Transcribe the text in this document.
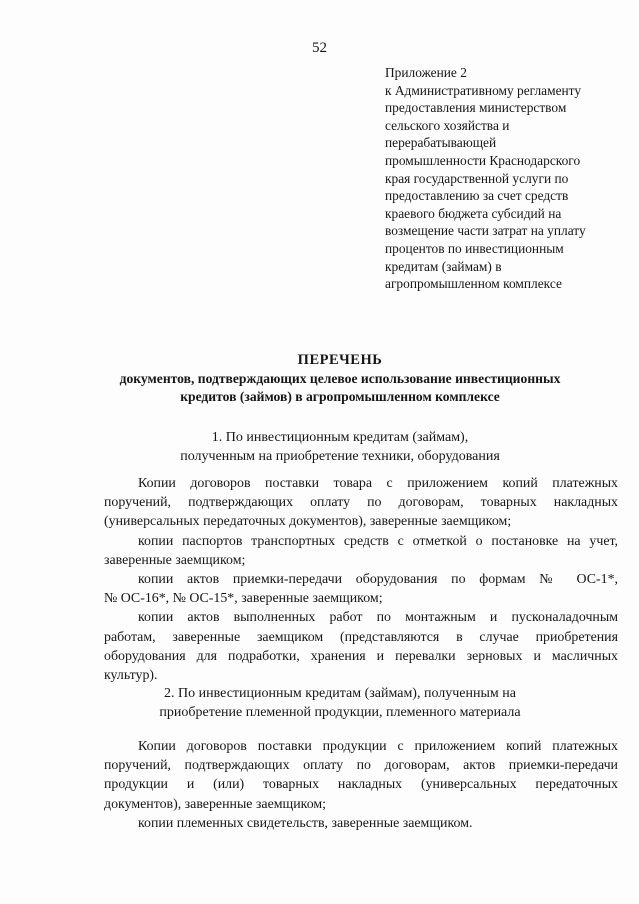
52
Приложение 2
к Административному регламенту
предоставления министерством
сельского хозяйства и
перерабатывающей
промышленности Краснодарского
края государственной услуги по
предоставлению за счет средств
краевого бюджета субсидий на
возмещение части затрат на уплату
процентов по инвестиционным
кредитам (займам) в
агропромышленном комплексе
ПЕРЕЧЕНЬ
документов, подтверждающих целевое использование инвестиционных
кредитов (займов) в агропромышленном комплексе
1. По инвестиционным кредитам (займам),
полученным на приобретение техники, оборудования
Копии договоров поставки товара с приложением копий платежных
поручений, подтверждающих оплату по договорам, товарных накладных
(универсальных передаточных документов), заверенные заемщиком;
копии паспортов транспортных средств с отметкой о постановке на учет,
заверенные заемщиком;
копии актов приемки-передачи оборудования по формам № ОС-1*,
№ ОС-16*, № ОС-15*, заверенные заемщиком;
копии актов выполненных работ по монтажным и пусконаладочным
работам, заверенные заемщиком (представляются в случае приобретения
оборудования для подработки, хранения и перевалки зерновых и масличных
культур).
2. По инвестиционным кредитам (займам), полученным на
приобретение племенной продукции, племенного материала
Копии договоров поставки продукции с приложением копий платежных
поручений, подтверждающих оплату по договорам, актов приемки-передачи
продукции и (или) товарных накладных (универсальных передаточных
документов), заверенные заемщиком;
копии племенных свидетельств, заверенные заемщиком.
